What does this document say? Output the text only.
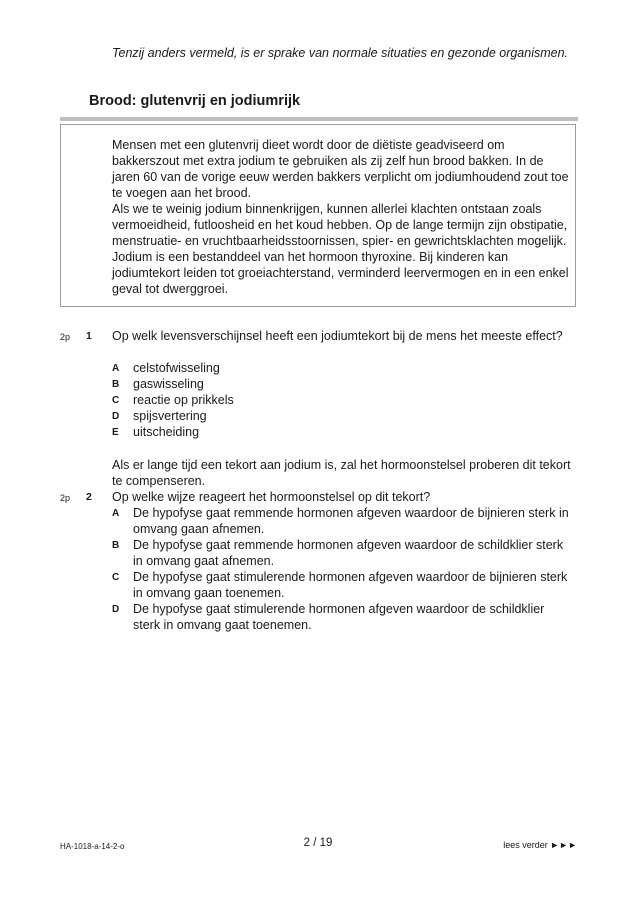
Tenzij anders vermeld, is er sprake van normale situaties en gezonde organismen.
Brood: glutenvrij en jodiumrijk

Mensen met een glutenvrij dieet wordt door de diëtiste geadviseerd om bakkerszout met extra jodium te gebruiken als zij zelf hun brood bakken. In de jaren 60 van de vorige eeuw werden bakkers verplicht om jodiumhoudend zout toe te voegen aan het brood.

Als we te weinig jodium binnenkrijgen, kunnen allerlei klachten ontstaan zoals vermoeidheid, futloosheid en het koud hebben. Op de lange termijn zijn obstipatie, menstruatie- en vruchtbaarheidsstoornissen, spier- en gewrichtsklachten mogelijk. Jodium is een bestanddeel van het hormoon thyroxine. Bij kinderen kan jodiumtekort leiden tot groeiachterstand, verminderd leervermogen en in een enkel geval tot dwerggroei.

2p 1 Op welk levensverschijnsel heeft een jodiumtekort bij de mens het meeste effect?
A celstofwisseling
B gaswisseling
C reactie op prikkels
D spijsvertering
E uitscheiding
Als er lange tijd een tekort aan jodium is, zal het hormoonstelsel proberen dit tekort te compenseren.
2p 2 Op welke wijze reageert het hormoonstelsel op dit tekort?
A De hypofyse gaat remmende hormonen afgeven waardoor de bijnieren sterk in omvang gaan afnemen.
B De hypofyse gaat remmende hormonen afgeven waardoor de schildklier sterk in omvang gaat afnemen.
C De hypofyse gaat stimulerende hormonen afgeven waardoor de bijnieren sterk in omvang gaan toenemen.
D De hypofyse gaat stimulerende hormonen afgeven waardoor de schildklier sterk in omvang gaat toenemen.
HA-1018-a-14-2-o	2 / 19	lees verder ►►►
